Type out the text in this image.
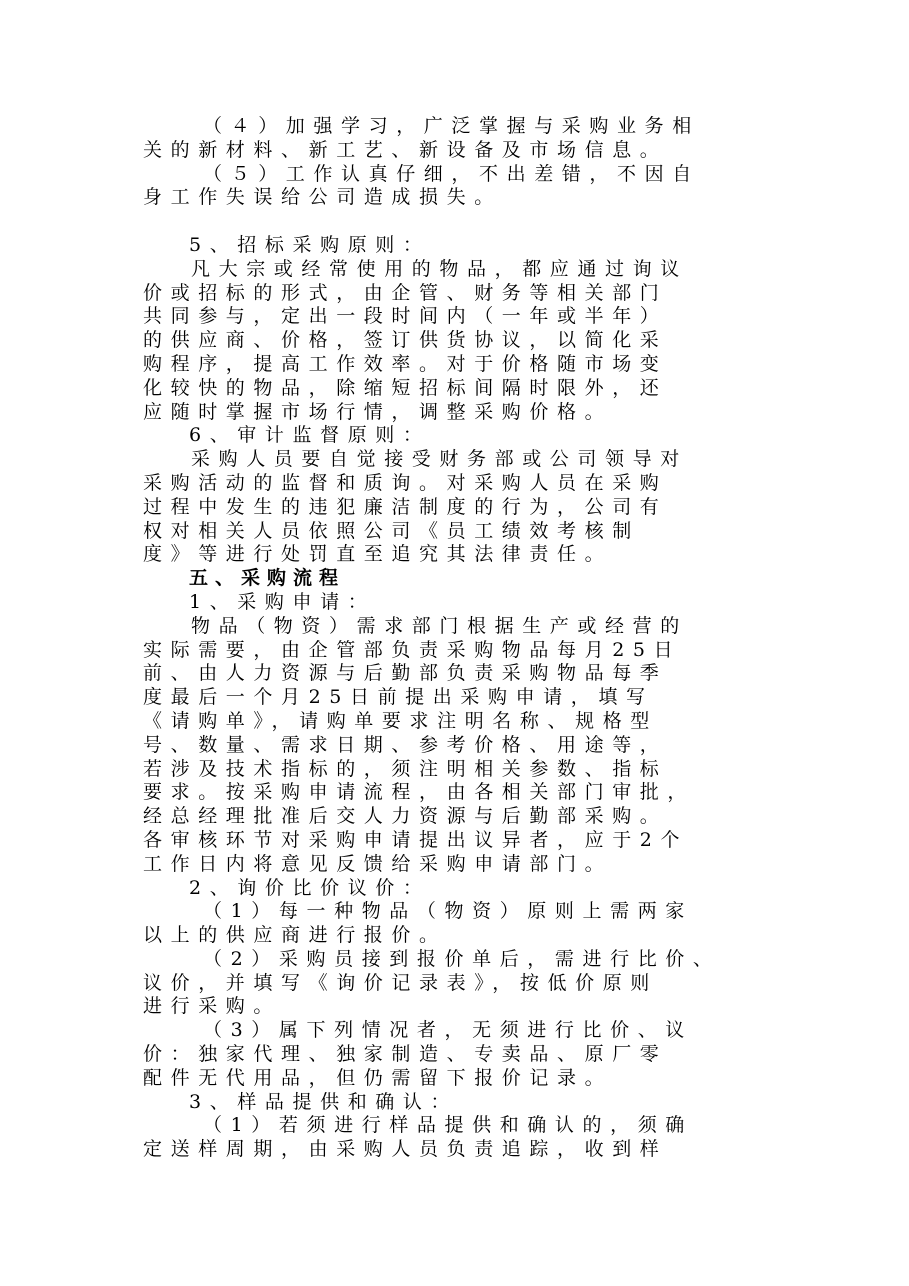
（４）加强学习，广泛掌握与采购业务相
关的新材料、新工艺、新设备及市场信息。
（５）工作认真仔细，不出差错，不因自
身工作失误给公司造成损失。
5、招标采购原则：
凡大宗或经常使用的物品，都应通过询议
价或招标的形式，由企管、财务等相关部门
共同参与，定出一段时间内（一年或半年）
的供应商、价格，签订供货协议，以简化采
购程序，提高工作效率。对于价格随市场变
化较快的物品，除缩短招标间隔时限外，还
应随时掌握市场行情，调整采购价格。
6、审计监督原则：
采购人员要自觉接受财务部或公司领导对
采购活动的监督和质询。对采购人员在采购
过程中发生的违犯廉洁制度的行为，公司有
权对相关人员依照公司《员工绩效考核制
度》等进行处罚直至追究其法律责任。
五、采购流程
1、采购申请：
物品（物资）需求部门根据生产或经营的
实际需要，由企管部负责采购物品每月25日
前、由人力资源与后勤部负责采购物品每季
度最后一个月25日前提出采购申请，填写
《请购单》，请购单要求注明名称、规格型
号、数量、需求日期、参考价格、用途等，
若涉及技术指标的，须注明相关参数、指标
要求。按采购申请流程，由各相关部门审批，
经总经理批准后交人力资源与后勤部采购。
各审核环节对采购申请提出议异者，应于2个
工作日内将意见反馈给采购申请部门。
2、询价比价议价：
（1）每一种物品（物资）原则上需两家
以上的供应商进行报价。
（2）采购员接到报价单后，需进行比价、
议价，并填写《询价记录表》，按低价原则
进行采购。
（3）属下列情况者，无须进行比价、议
价：独家代理、独家制造、专卖品、原厂零
配件无代用品，但仍需留下报价记录。
3、样品提供和确认：
（1）若须进行样品提供和确认的，须确
定送样周期，由采购人员负责追踪，收到样
